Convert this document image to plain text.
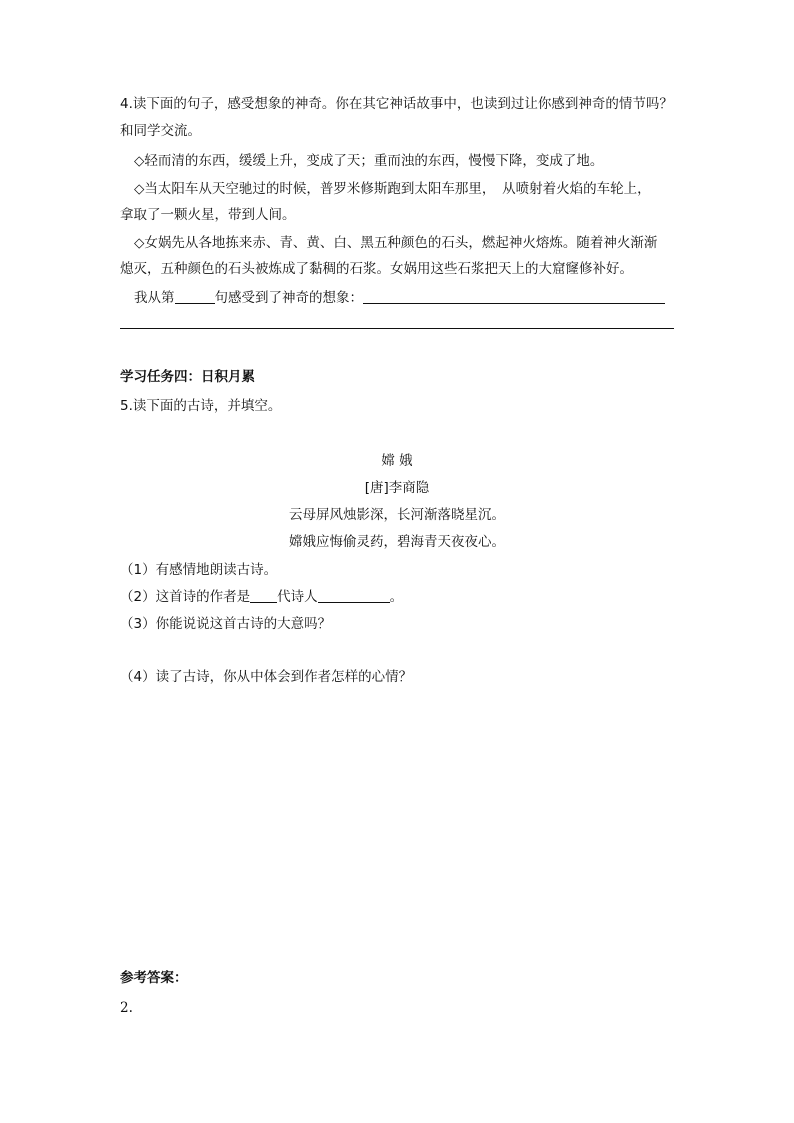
4.读下面的句子，感受想象的神奇。你在其它神话故事中，也读到过让你感到神奇的情节吗？
和同学交流。
◇轻而清的东西，缓缓上升，变成了天；重而浊的东西，慢慢下降，变成了地。
◇当太阳车从天空驰过的时候，普罗米修斯跑到太阳车那里，　从喷射着火焰的车轮上，
拿取了一颗火星，带到人间。
◇女娲先从各地拣来赤、青、黄、白、黑五种颜色的石头，燃起神火熔炼。随着神火渐渐
熄灭，五种颜色的石头被炼成了黏稠的石浆。女娲用这些石浆把天上的大窟窿修补好。
我从第	句感受到了神奇的想象：
学习任务四：日积月累
5.读下面的古诗，并填空。
嫦 娥
[唐]李商隐
云母屏风烛影深，长河渐落晓星沉。
嫦娥应悔偷灵药，碧海青天夜夜心。
（1）有感情地朗读古诗。
（2）这首诗的作者是 代诗人	。
（3）你能说说这首古诗的大意吗？
（4）读了古诗，你从中体会到作者怎样的心情？
参考答案：
2.
